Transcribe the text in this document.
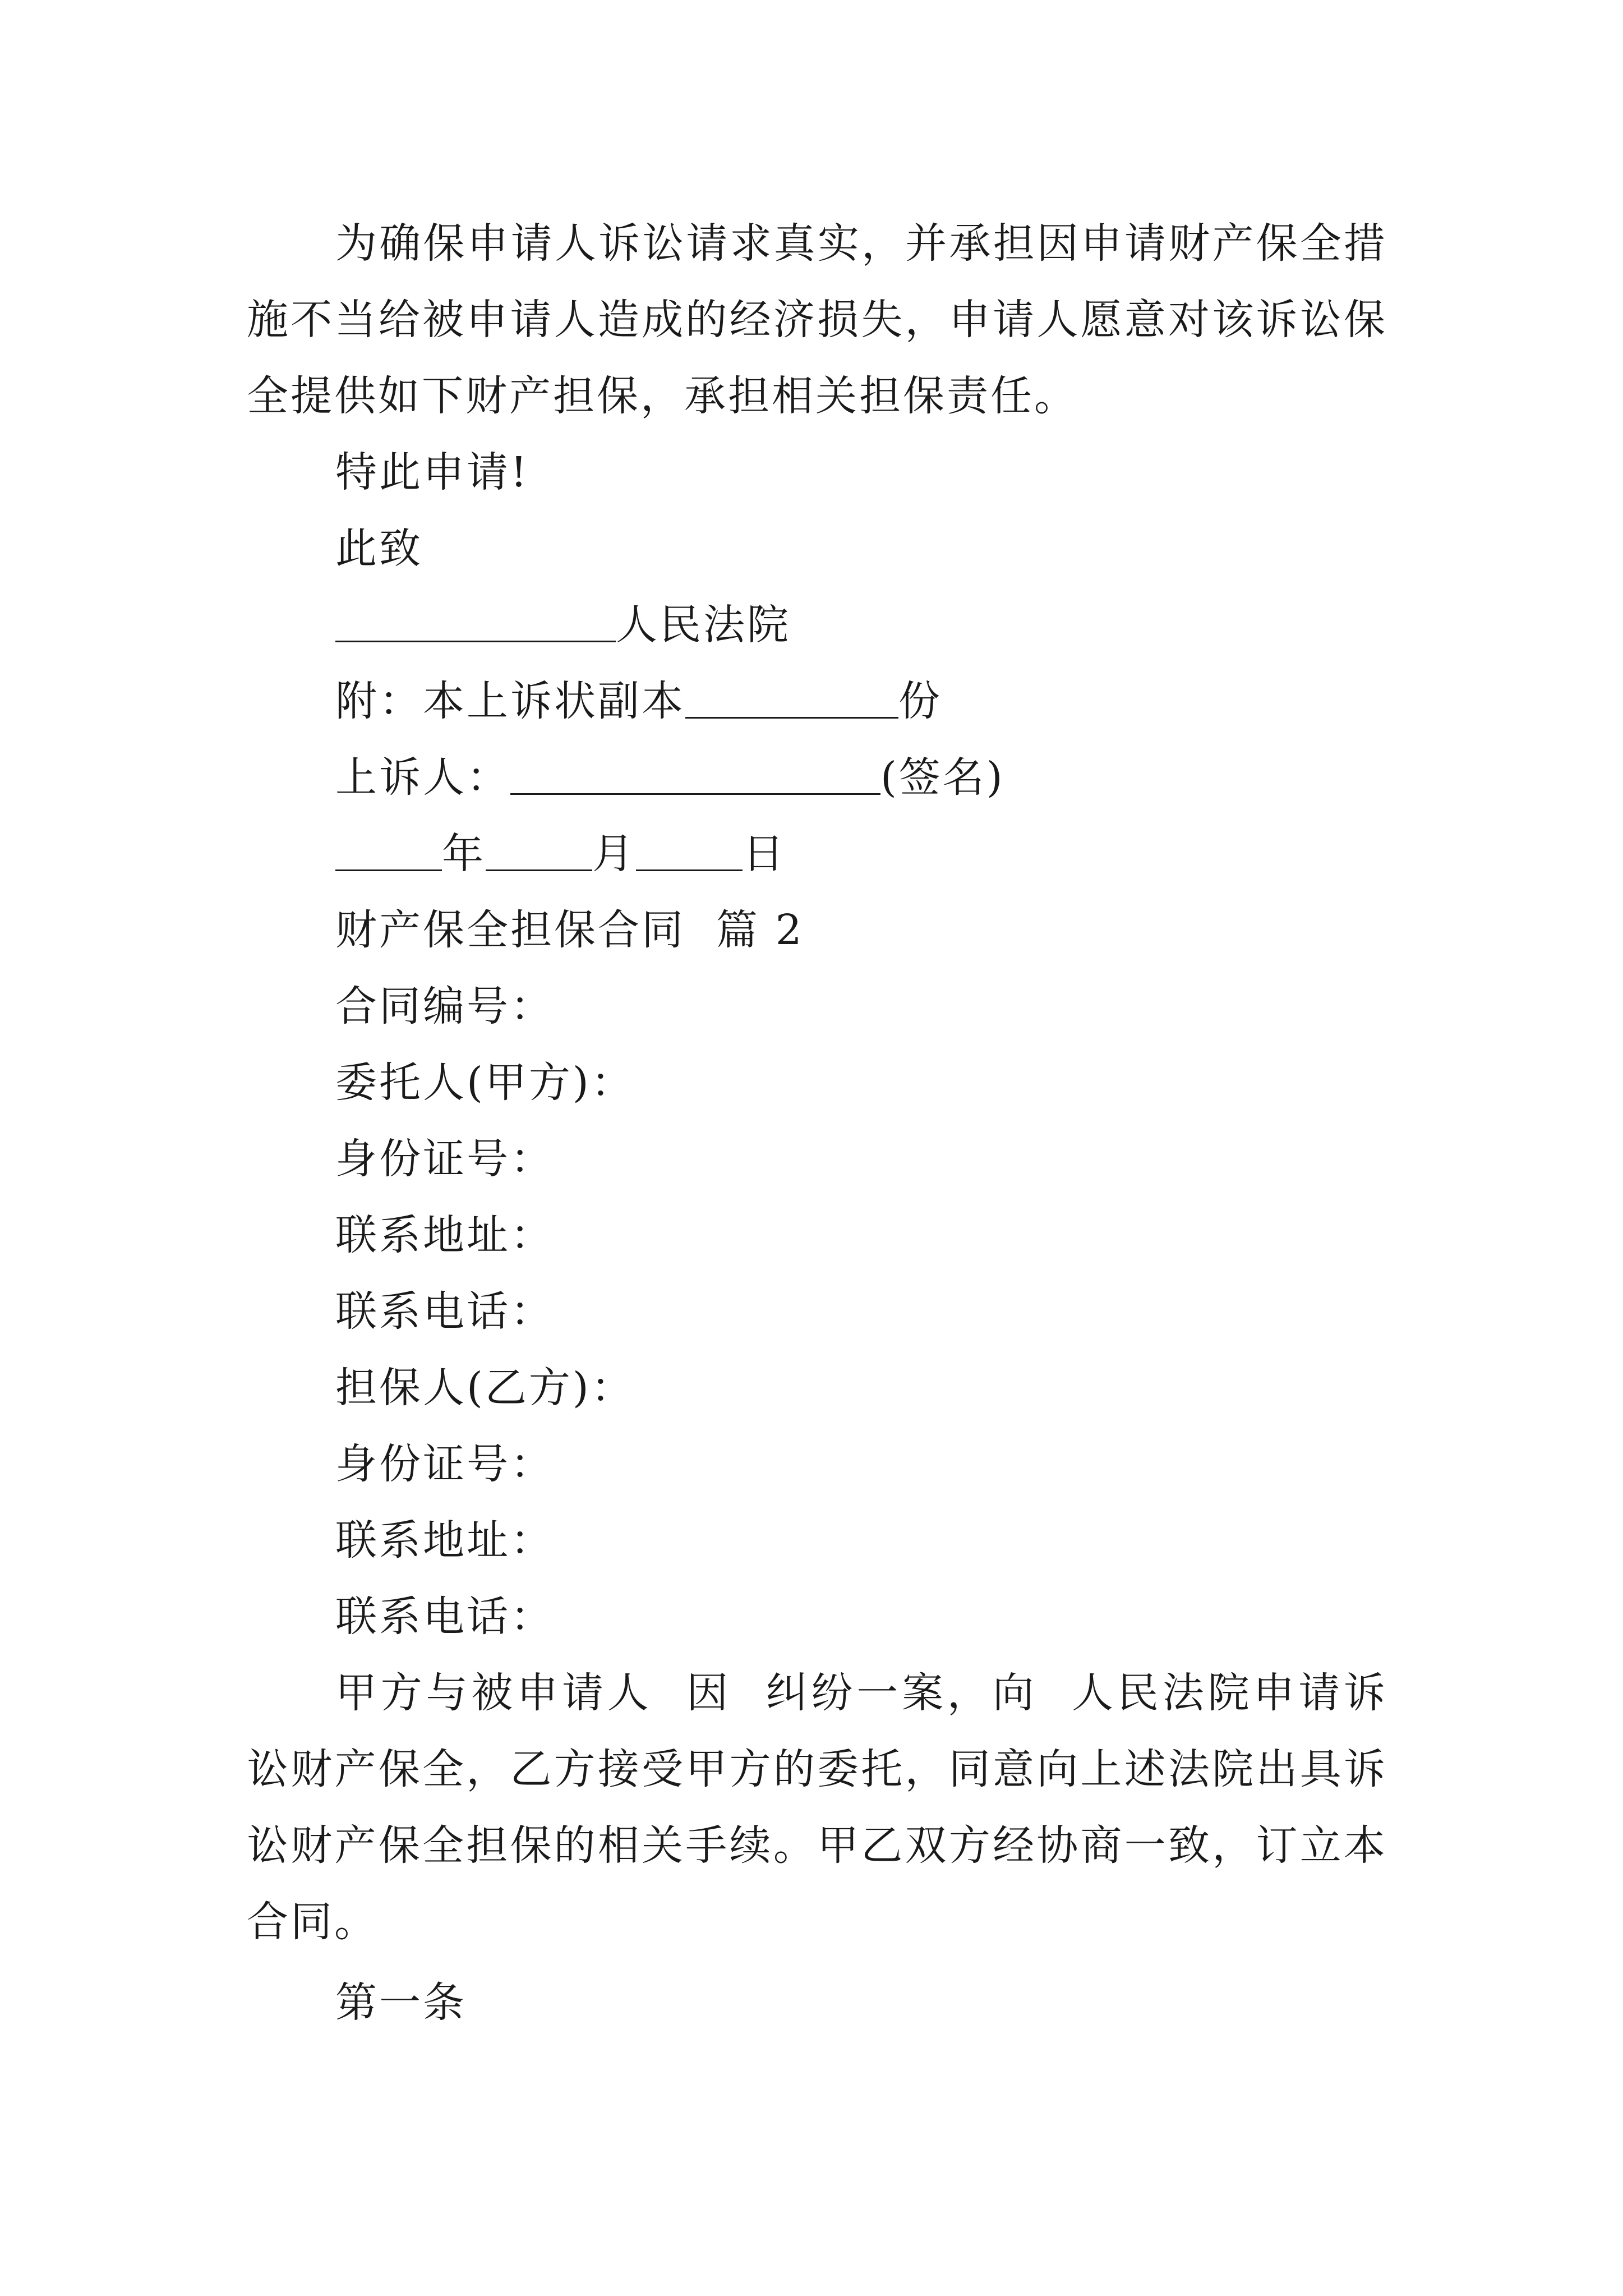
为确保申请人诉讼请求真实，并承担因申请财产保全措施不当给被申请人造成的经济损失，申请人愿意对该诉讼保全提供如下财产担保，承担相关担保责任。
特此申请!
此致
人民法院
附：本上诉状副本	份
上诉人：	(签名)
年	月	日
财产保全担保合同  篇 2
合同编号：
委托人(甲方)：
身份证号：
联系地址：
联系电话：
担保人(乙方)：
身份证号：
联系地址：
联系电话：
甲方与被申请人  因  纠纷一案，向  人民法院申请诉讼财产保全，乙方接受甲方的委托，同意向上述法院出具诉讼财产保全担保的相关手续。甲乙双方经协商一致，订立本合同。
第一条
